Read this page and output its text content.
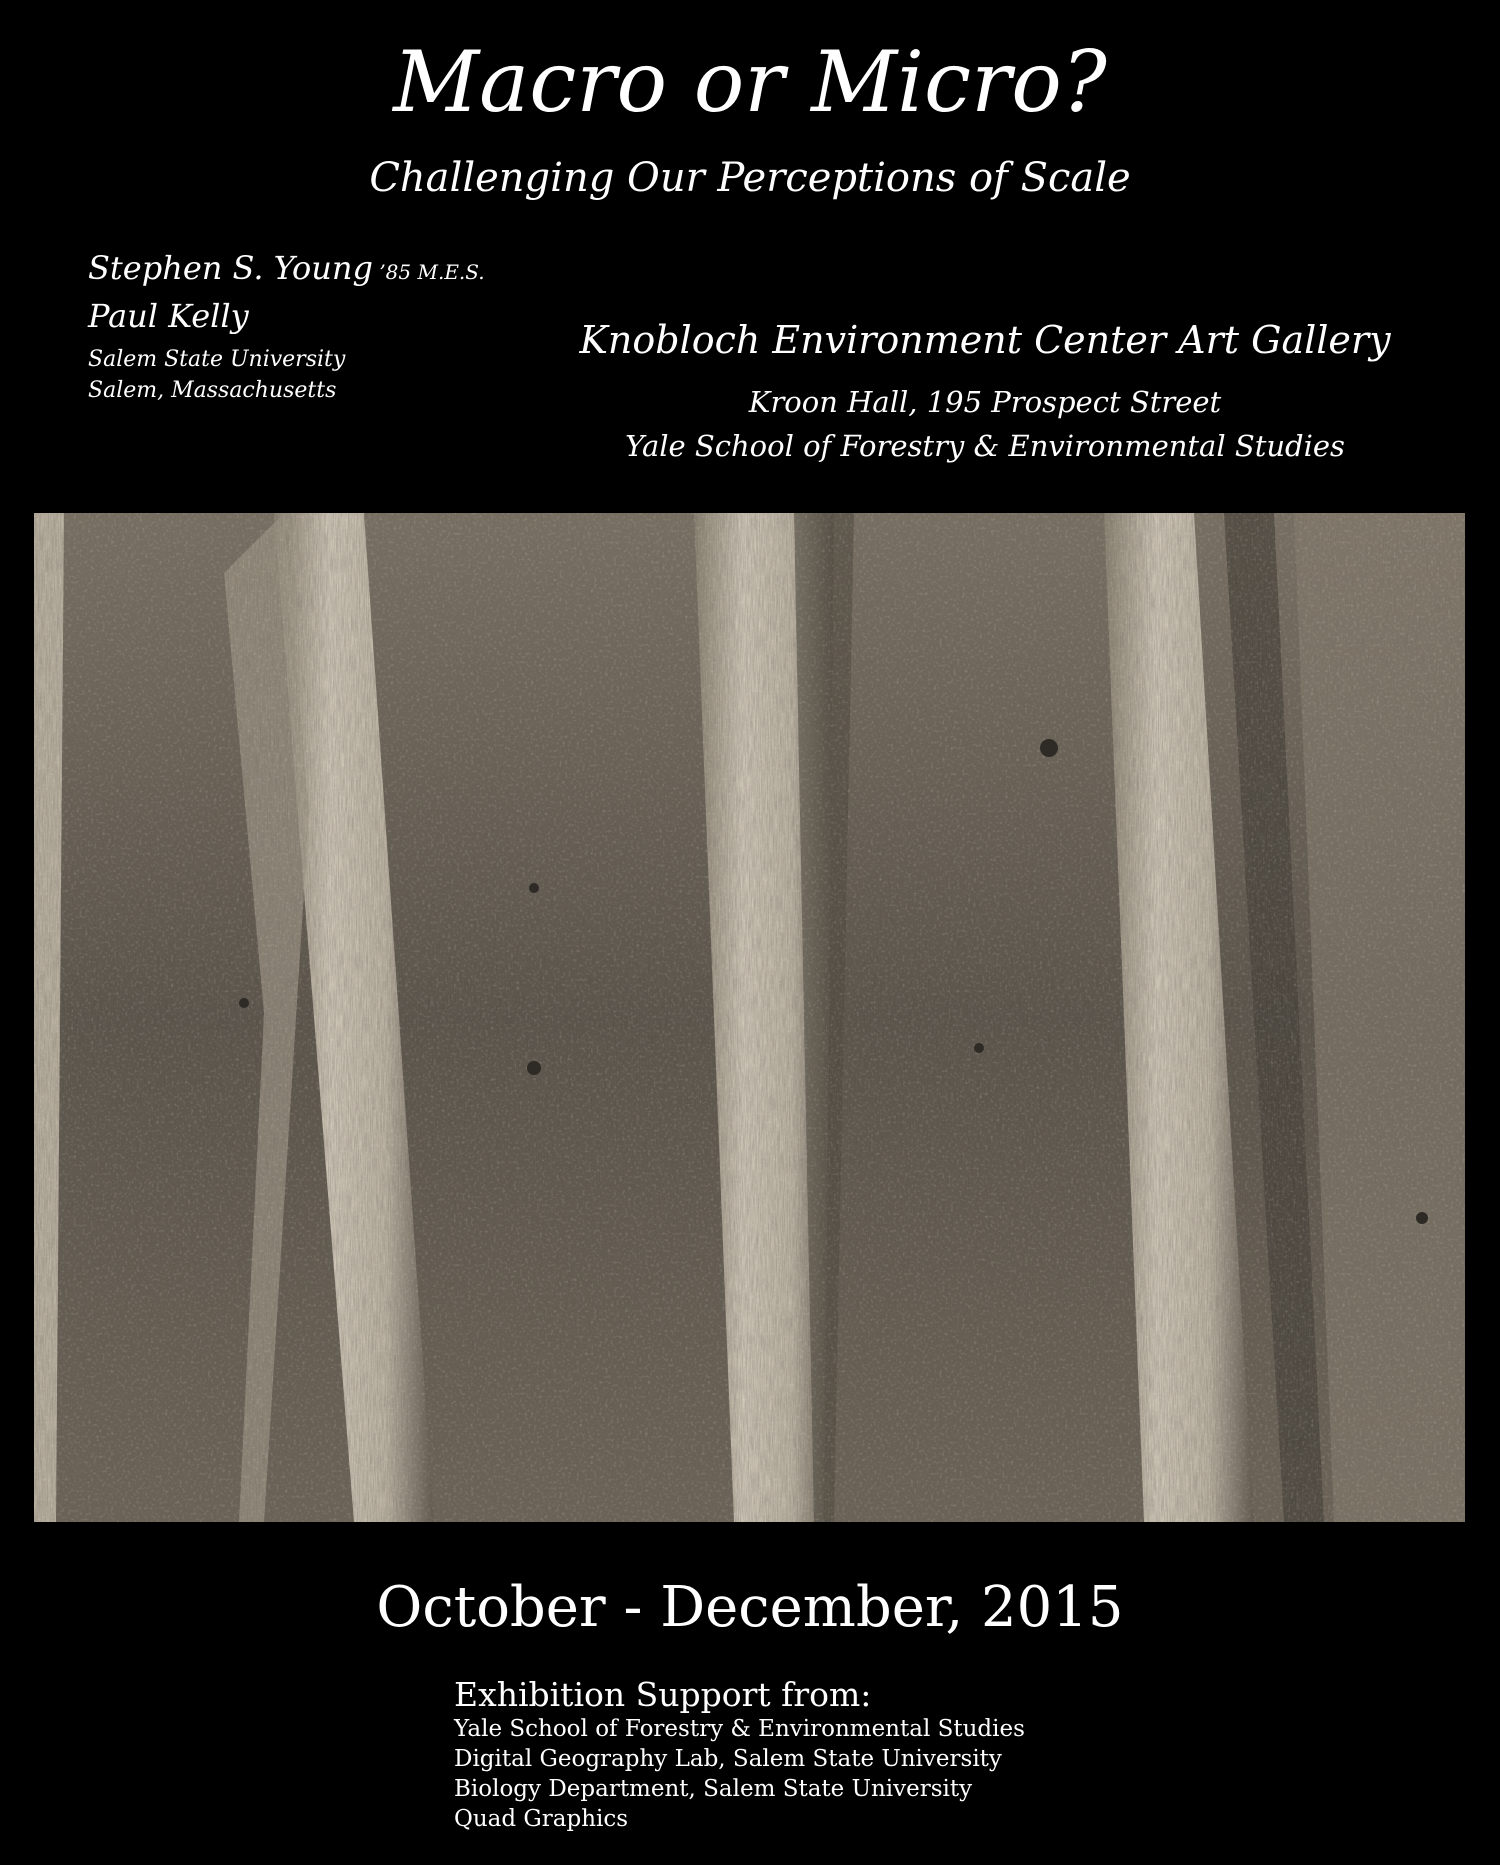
Macro or Micro?
Challenging Our Perceptions of Scale
Stephen S. Young ’85 M.E.S.
Paul Kelly
Salem State University
Salem, Massachusetts
Knobloch Environment Center Art Gallery
Kroon Hall, 195 Prospect Street
Yale School of Forestry & Environmental Studies
October - December, 2015
Exhibition Support from:
Yale School of Forestry & Environmental Studies
Digital Geography Lab, Salem State University
Biology Department, Salem State University
Quad Graphics
